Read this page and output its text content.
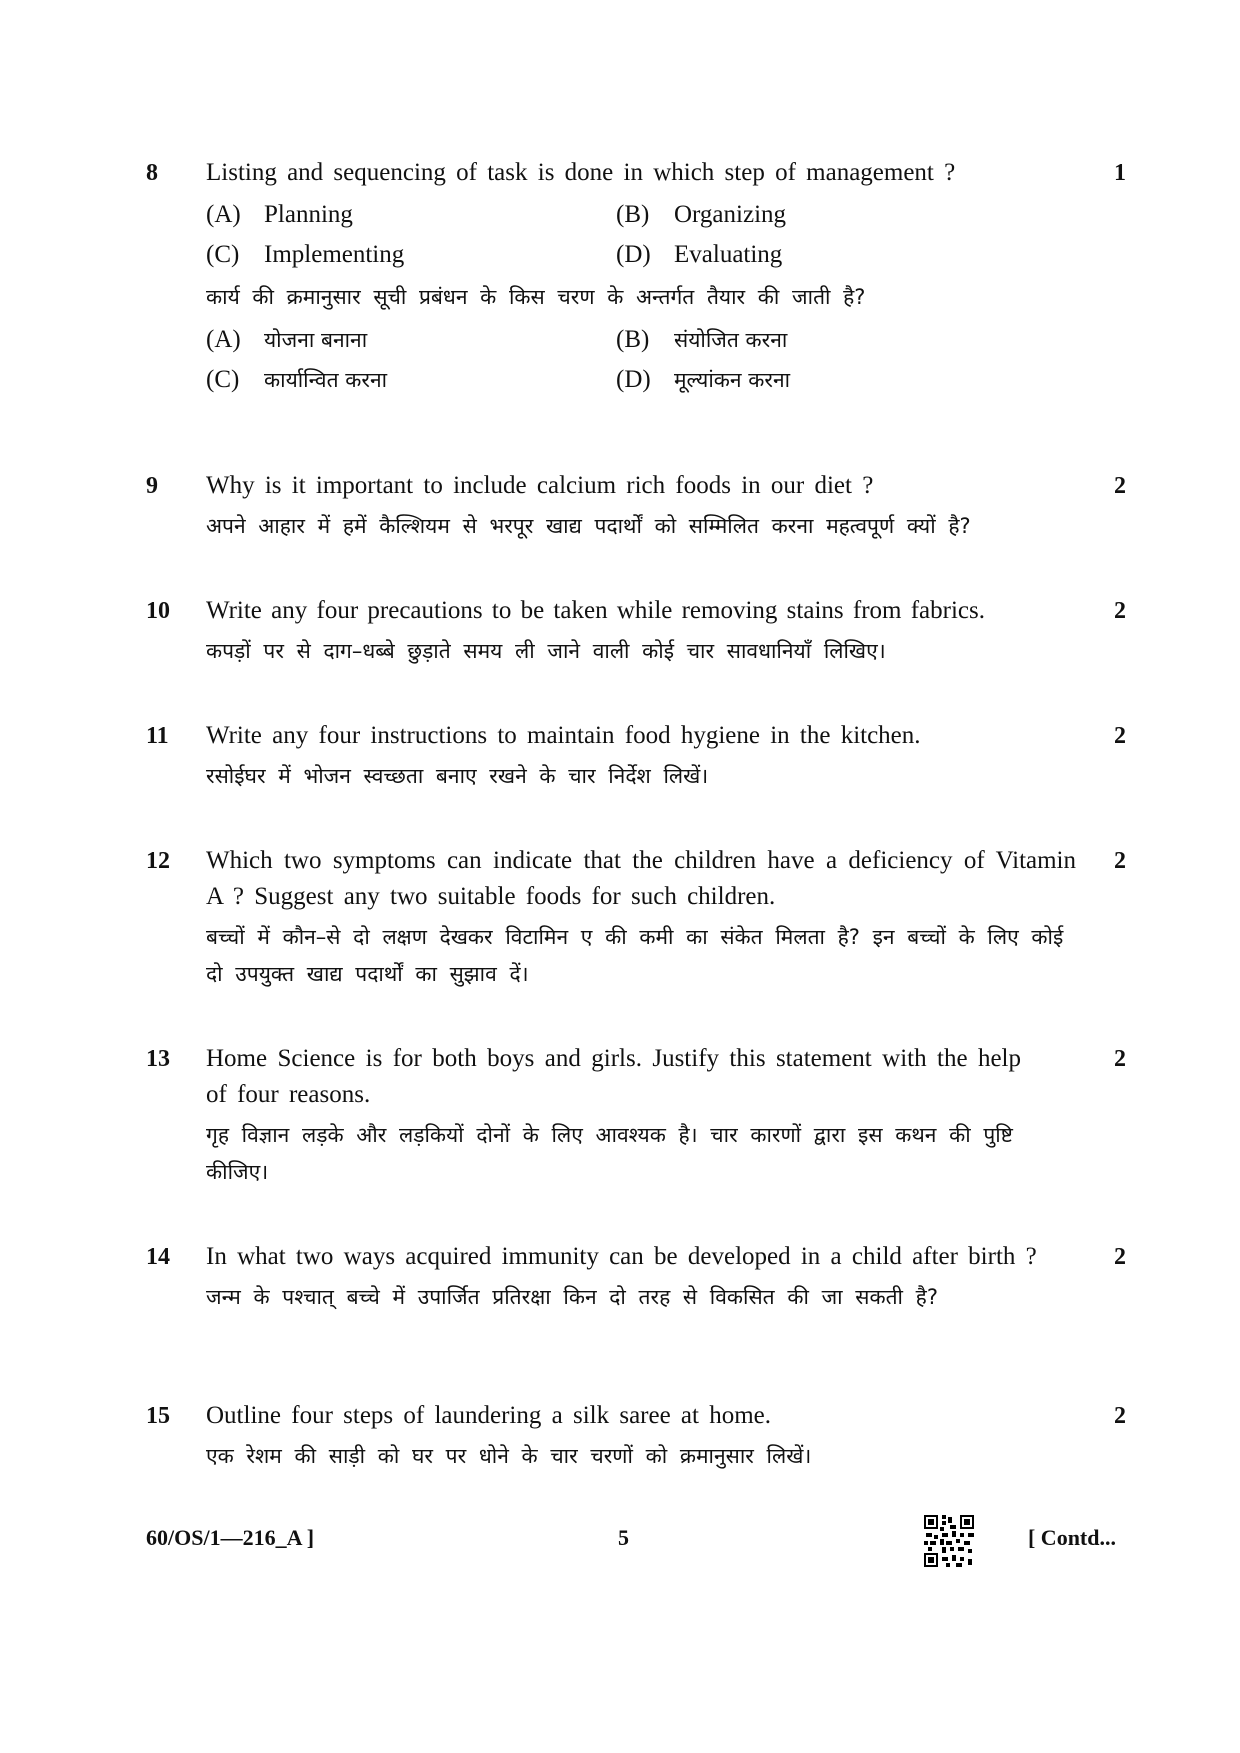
8 Listing and sequencing of task is done in which step of management ?

(A) Planning	(B) Organizing
(C) Implementing	(D) Evaluating

कार्य की क्रमानुसार सूची प्रबंधन के किस चरण के अन्तर्गत तैयार की जाती है?

(A) योजना बनाना	(B) संयोजित करना
(C) कार्यान्वित करना	(D) मूल्यांकन करना
1
9 Why is it important to include calcium rich foods in our diet ?

अपने आहार में हमें कैल्शियम से भरपूर खाद्य पदार्थों को सम्मिलित करना महत्वपूर्ण क्यों है?

2
10 Write any four precautions to be taken while removing stains from fabrics.

कपड़ों पर से दाग–धब्बे छुड़ाते समय ली जाने वाली कोई चार सावधानियाँ लिखिए।

2
11 Write any four instructions to maintain food hygiene in the kitchen.

रसोईघर में भोजन स्वच्छता बनाए रखने के चार निर्देश लिखें।

2
12 Which two symptoms can indicate that the children have a deficiency of Vitamin A ? Suggest any two suitable foods for such children.

बच्चों में कौन–से दो लक्षण देखकर विटामिन ए की कमी का संकेत मिलता है? इन बच्चों के लिए कोई दो उपयुक्त खाद्य पदार्थों का सुझाव दें।

2
13 Home Science is for both boys and girls. Justify this statement with the help of four reasons.

गृह विज्ञान लड़के और लड़कियों दोनों के लिए आवश्यक है। चार कारणों द्वारा इस कथन की पुष्टि कीजिए।

2
14 In what two ways acquired immunity can be developed in a child after birth ?

जन्म के पश्चात् बच्चे में उपार्जित प्रतिरक्षा किन दो तरह से विकसित की जा सकती है?

2
15 Outline four steps of laundering a silk saree at home.

एक रेशम की साड़ी को घर पर धोने के चार चरणों को क्रमानुसार लिखें।

2
60/OS/1—216_A ]	5	[ Contd...
